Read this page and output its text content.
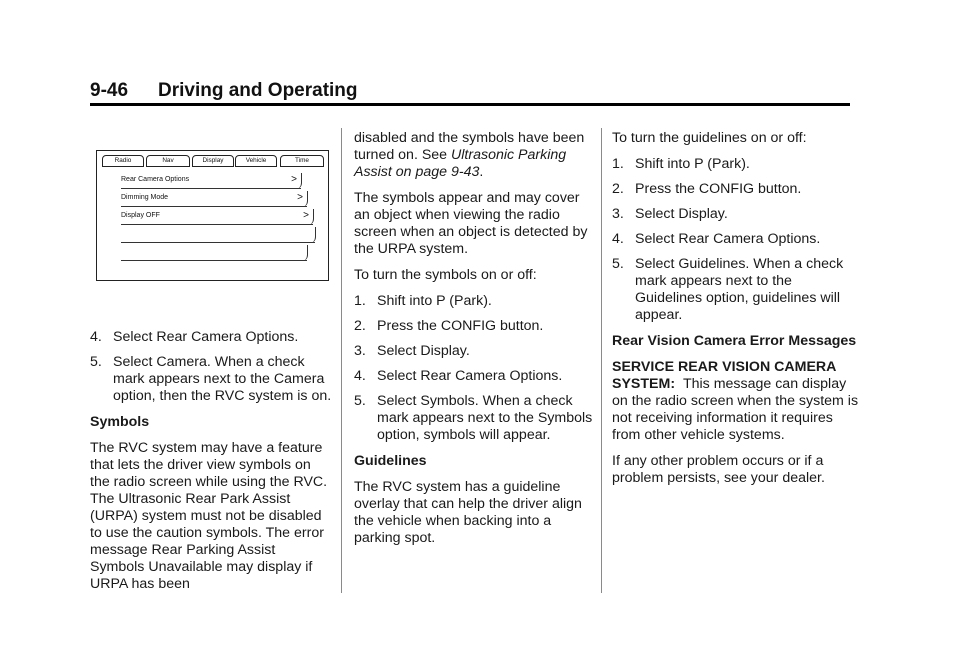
9-46 Driving and Operating
Radio	Nav	Display	Vehicle	Time
Rear Camera Options	>
Dimming Mode	>
Display OFF	>
4. Select Rear Camera Options.
5. Select Camera. When a check mark appears next to the Camera option, then the RVC system is on.

Symbols

The RVC system may have a feature that lets the driver view symbols on the radio screen while using the RVC. The Ultrasonic Rear Park Assist (URPA) system must not be disabled to use the caution symbols. The error message Rear Parking Assist Symbols Unavailable may display if URPA has been

disabled and the symbols have been turned on. See Ultrasonic Parking Assist on page 9-43.

The symbols appear and may cover an object when viewing the radio screen when an object is detected by the URPA system.

To turn the symbols on or off:

1. Shift into P (Park).
2. Press the CONFIG button.
3. Select Display.
4. Select Rear Camera Options.
5. Select Symbols. When a check mark appears next to the Symbols option, symbols will appear.

Guidelines

The RVC system has a guideline overlay that can help the driver align the vehicle when backing into a parking spot.

To turn the guidelines on or off:

1. Shift into P (Park).
2. Press the CONFIG button.
3. Select Display.
4. Select Rear Camera Options.
5. Select Guidelines. When a check mark appears next to the Guidelines option, guidelines will appear.

Rear Vision Camera Error Messages

SERVICE REAR VISION CAMERA SYSTEM: This message can display on the radio screen when the system is not receiving information it requires from other vehicle systems.

If any other problem occurs or if a problem persists, see your dealer.
